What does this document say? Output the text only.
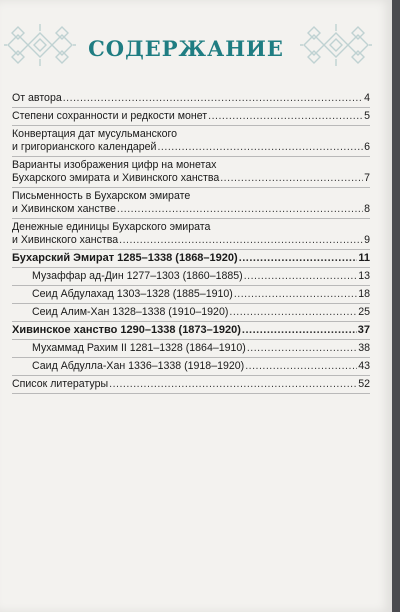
СОДЕРЖАНИЕ
От автора .....	4
Степени сохранности и редкости монет .....	5
Конвертация дат мусульманского
и григорианского календарей .....	6
Варианты изображения цифр на монетах
Бухарского эмирата и Хивинского ханства .....	7
Письменность в Бухарском эмирате
и Хивинском ханстве .....	8
Денежные единицы Бухарского эмирата
и Хивинского ханства .....	9
Бухарский Эмират 1285–1338 (1868–1920) .....	11
Музаффар ад-Дин 1277–1303 (1860–1885) .....	13
Сеид Абдулахад 1303–1328 (1885–1910) .....	18
Сеид Алим-Хан 1328–1338 (1910–1920) .....	25
Хивинское ханство 1290–1338 (1873–1920) .....	37
Мухаммад Рахим II 1281–1328 (1864–1910) .....	38
Саид Абдулла-Хан 1336–1338 (1918–1920) .....	43
Список литературы .....	52
